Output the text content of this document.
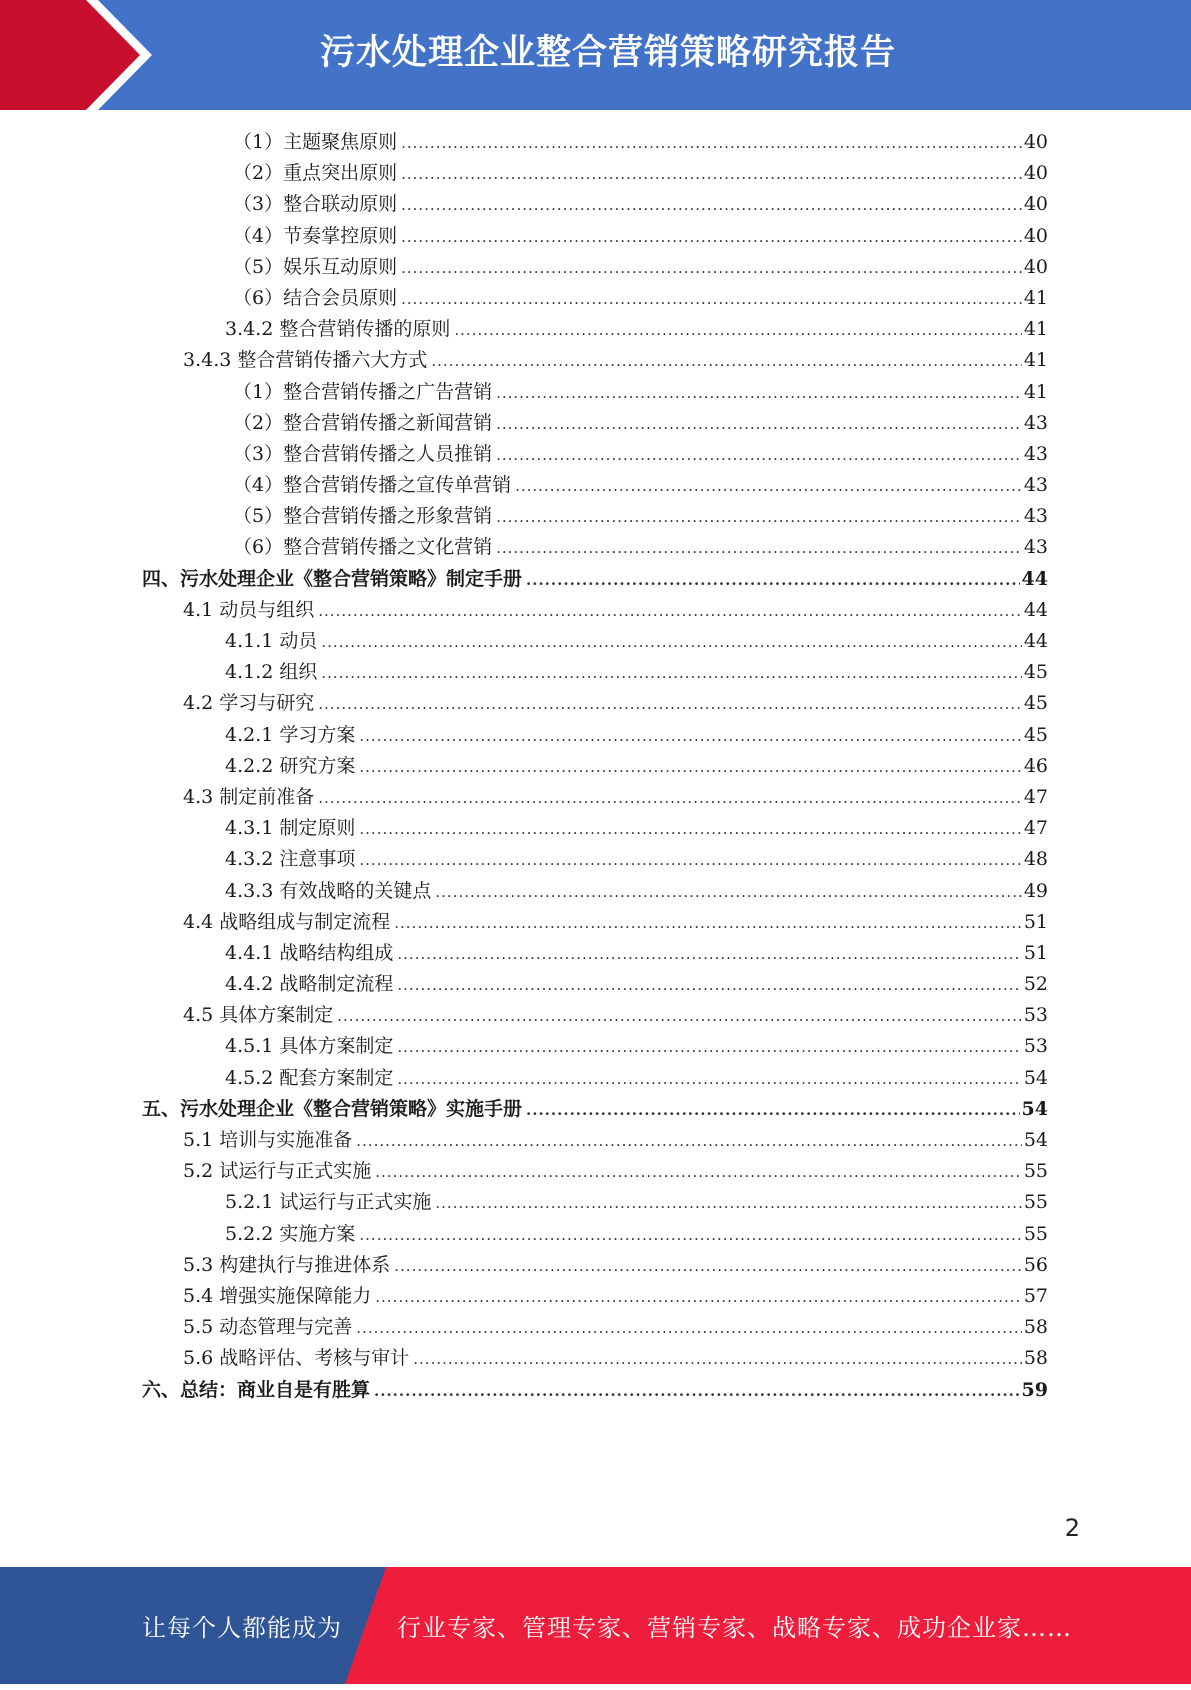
污水处理企业整合营销策略研究报告
（1）主题聚焦原则 .....	40
（2）重点突出原则 .....	40
（3）整合联动原则 .....	40
（4）节奏掌控原则 .....	40
（5）娱乐互动原则 .....	40
（6）结合会员原则 .....	41
3.4.2 整合营销传播的原则 .....	41
3.4.3 整合营销传播六大方式 .....	41
（1）整合营销传播之广告营销 .....	41
（2）整合营销传播之新闻营销 .....	43
（3）整合营销传播之人员推销 .....	43
（4）整合营销传播之宣传单营销 .....	43
（5）整合营销传播之形象营销 .....	43
（6）整合营销传播之文化营销 .....	43
四、污水处理企业《整合营销策略》制定手册 .....	44
4.1 动员与组织 .....	44
4.1.1 动员 .....	44
4.1.2 组织 .....	45
4.2 学习与研究 .....	45
4.2.1 学习方案 .....	45
4.2.2 研究方案 .....	46
4.3 制定前准备 .....	47
4.3.1 制定原则 .....	47
4.3.2 注意事项 .....	48
4.3.3 有效战略的关键点 .....	49
4.4 战略组成与制定流程 .....	51
4.4.1 战略结构组成 .....	51
4.4.2 战略制定流程 .....	52
4.5 具体方案制定 .....	53
4.5.1 具体方案制定 .....	53
4.5.2 配套方案制定 .....	54
五、污水处理企业《整合营销策略》实施手册 .....	54
5.1 培训与实施准备 .....	54
5.2 试运行与正式实施 .....	55
5.2.1 试运行与正式实施 .....	55
5.2.2 实施方案 .....	55
5.3 构建执行与推进体系 .....	56
5.4 增强实施保障能力 .....	57
5.5 动态管理与完善 .....	58
5.6 战略评估、考核与审计 .....	58
六、总结：商业自是有胜算 .....	59
2
让每个人都能成为 行业专家、管理专家、营销专家、战略专家、成功企业家……
